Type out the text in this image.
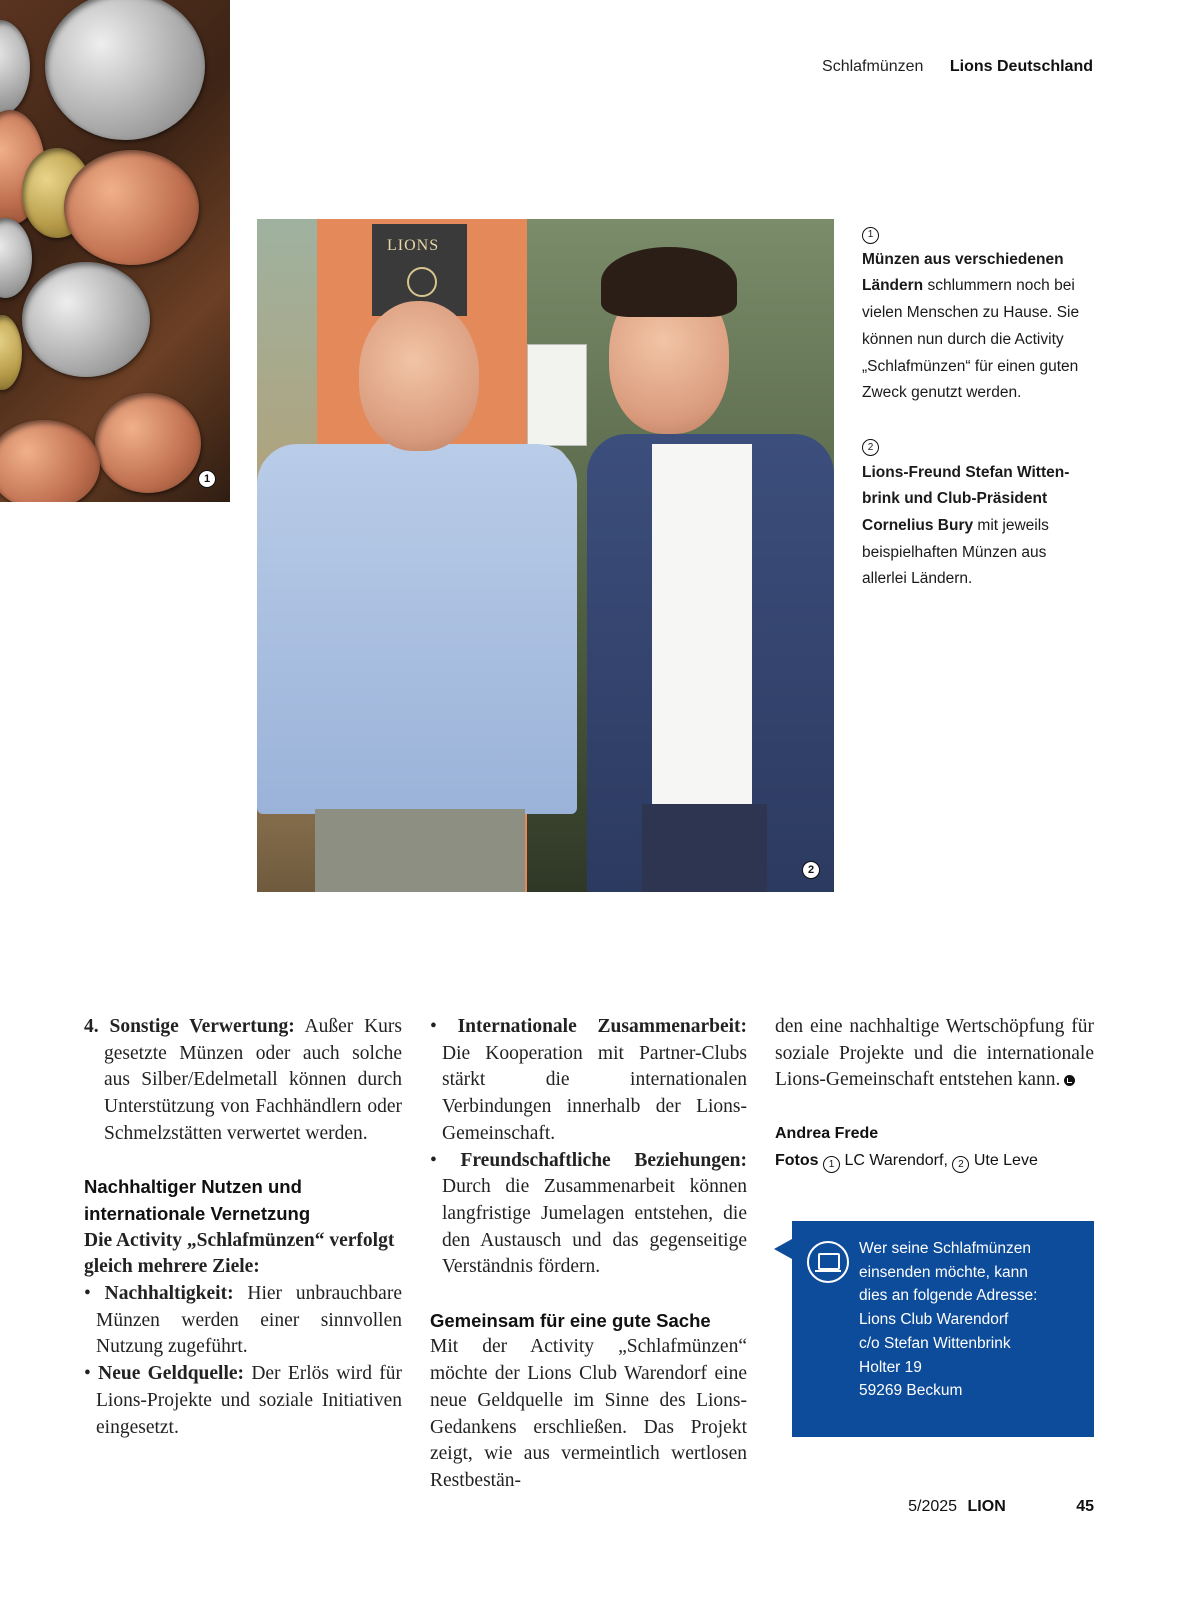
Schlafmünzen Lions Deutschland
1
LIONS
2
1
Münzen aus verschiedenen Ländern schlummern noch bei vielen Menschen zu Hause. Sie können nun durch die Activity „Schlafmünzen“ für einen guten Zweck genutzt werden.
2
Lions-Freund Stefan Witten-brink und Club-Präsident Cornelius Bury mit jeweils beispielhaften Münzen aus allerlei Ländern.

4. Sonstige Verwertung: Außer Kurs gesetzte Münzen oder auch solche aus Silber/Edelmetall können durch Unterstützung von Fachhändlern oder Schmelzstätten verwertet werden.

Nachhaltiger Nutzen und internationale Vernetzung

Die Activity „Schlafmünzen“ verfolgt gleich mehrere Ziele:

• Nachhaltigkeit: Hier unbrauchbare Münzen werden einer sinnvollen Nutzung zugeführt.

• Neue Geldquelle: Der Erlös wird für Lions-Projekte und soziale Initiativen eingesetzt.

• Internationale Zusammenarbeit: Die Kooperation mit Partner-Clubs stärkt die internationalen Verbindungen innerhalb der Lions-Gemeinschaft.

• Freundschaftliche Beziehungen: Durch die Zusammenarbeit können langfristige Jumelagen entstehen, die den Austausch und das gegenseitige Verständnis fördern.

Gemeinsam für eine gute Sache

Mit der Activity „Schlafmünzen“ möchte der Lions Club Warendorf eine neue Geldquelle im Sinne des Lions-Gedankens erschließen. Das Projekt zeigt, wie aus vermeintlich wertlosen Restbestän-

den eine nachhaltige Wertschöpfung für soziale Projekte und die internationale Lions-Gemeinschaft entstehen kann.

Andrea Frede

Fotos 1 LC Warendorf, 2 Ute Leve

Wer seine Schlafmünzen
einsenden möchte, kann
dies an folgende Adresse:
Lions Club Warendorf
c/o Stefan Wittenbrink
Holter 19
59269 Beckum
5/2025 LION	45
